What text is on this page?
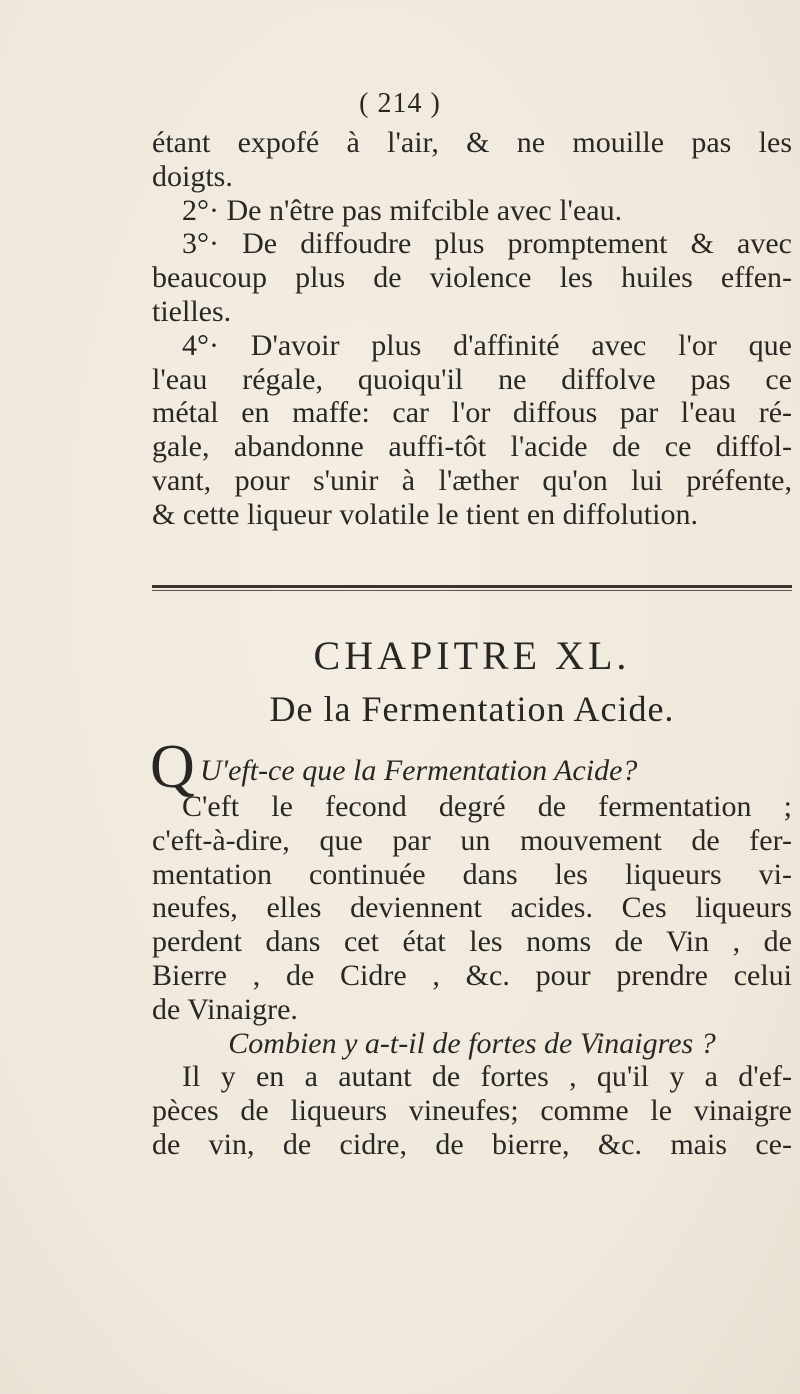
( 214 )
étant expofé à l'air, & ne mouille pas les
doigts.
2°· De n'être pas mifcible avec l'eau.
3°· De diffoudre plus promptement & avec
beaucoup plus de violence les huiles effen-
tielles.
4°· D'avoir plus d'affinité avec l'or que
l'eau régale, quoiqu'il ne diffolve pas ce
métal en maffe: car l'or diffous par l'eau ré-
gale, abandonne auffi-tôt l'acide de ce diffol-
vant, pour s'unir à l'æther qu'on lui préfente,
& cette liqueur volatile le tient en diffolution.
CHAPITRE XL.
De la Fermentation Acide.
Q U'eft-ce que la Fermentation Acide?
C'eft le fecond degré de fermentation ;
c'eft-à-dire, que par un mouvement de fer-
mentation continuée dans les liqueurs vi-
neufes, elles deviennent acides. Ces liqueurs
perdent dans cet état les noms de Vin , de
Bierre , de Cidre , &c. pour prendre celui
de Vinaigre.
Combien y a-t-il de fortes de Vinaigres ?
Il y en a autant de fortes , qu'il y a d'ef-
pèces de liqueurs vineufes; comme le vinaigre
de vin, de cidre, de bierre, &c. mais ce-
